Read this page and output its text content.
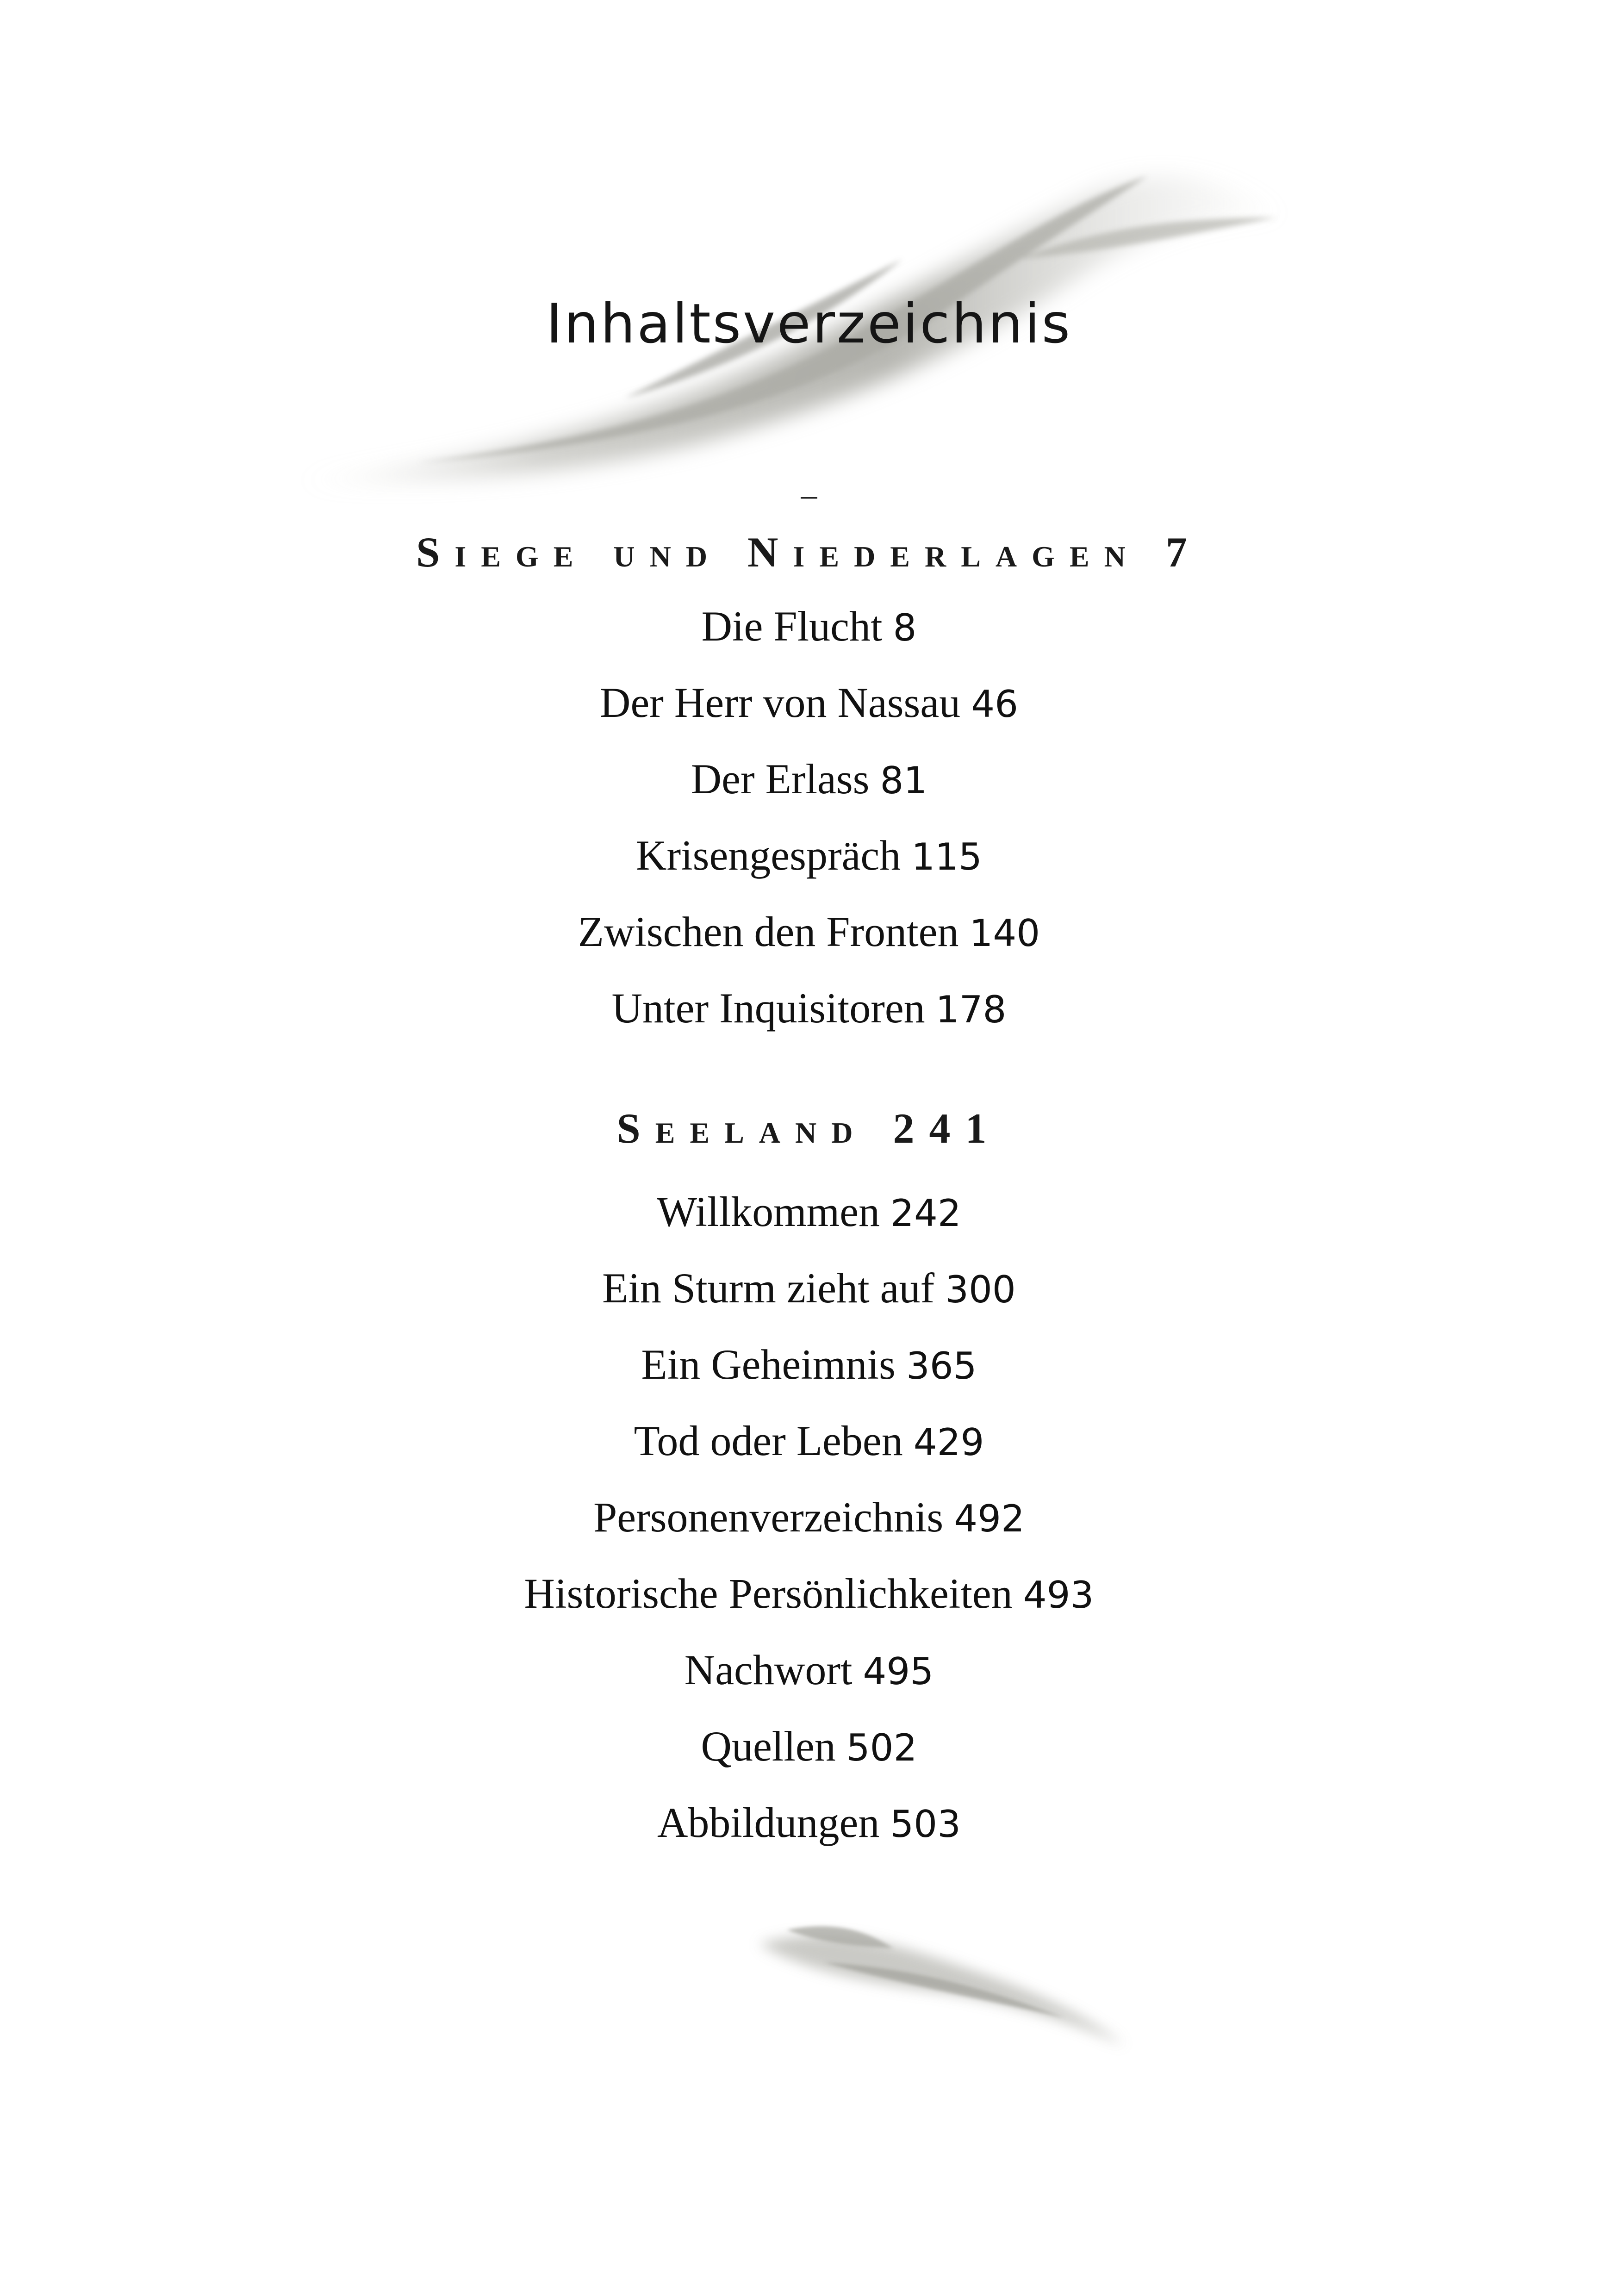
Inhaltsverzeichnis
–
Siege und Niederlagen 7
Die Flucht 8
Der Herr von Nassau 46
Der Erlass 81
Krisengespräch 115
Zwischen den Fronten 140
Unter Inquisitoren 178
Seeland 241
Willkommen 242
Ein Sturm zieht auf 300
Ein Geheimnis 365
Tod oder Leben 429
Personenverzeichnis 492
Historische Persönlichkeiten 493
Nachwort 495
Quellen 502
Abbildungen 503
